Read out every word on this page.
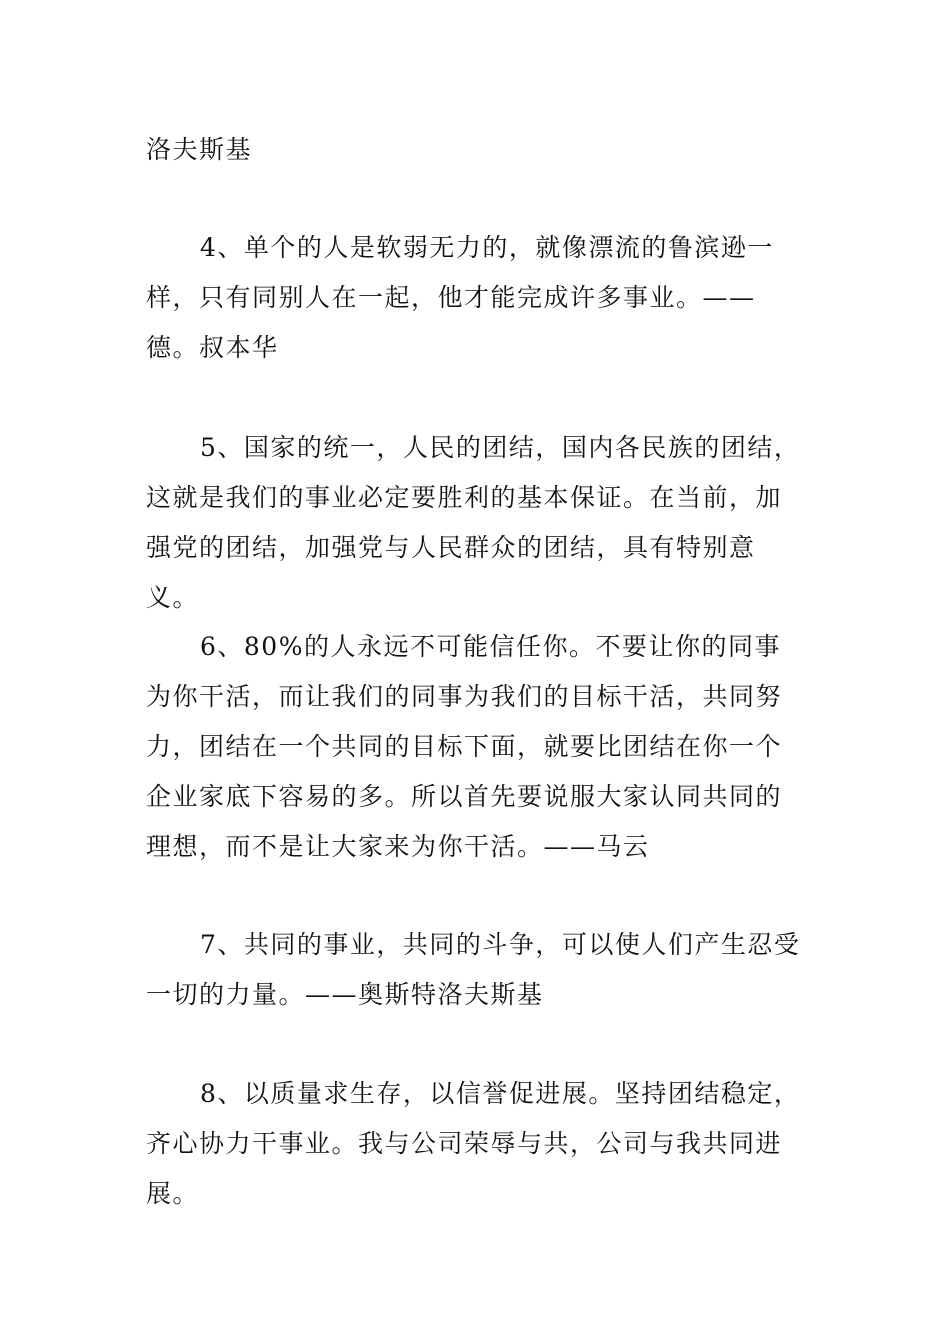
洛夫斯基

4、单个的人是软弱无力的，就像漂流的鲁滨逊一样，只有同别人在一起，他才能完成许多事业。——德。叔本华

5、国家的统一，人民的团结，国内各民族的团结，这就是我们的事业必定要胜利的基本保证。在当前，加强党的团结，加强党与人民群众的团结，具有特别意义。

6、80%的人永远不可能信任你。不要让你的同事为你干活，而让我们的同事为我们的目标干活，共同努力，团结在一个共同的目标下面，就要比团结在你一个企业家底下容易的多。所以首先要说服大家认同共同的理想，而不是让大家来为你干活。——马云

7、共同的事业，共同的斗争，可以使人们产生忍受一切的力量。——奥斯特洛夫斯基

8、以质量求生存，以信誉促进展。坚持团结稳定，齐心协力干事业。我与公司荣辱与共，公司与我共同进展。
